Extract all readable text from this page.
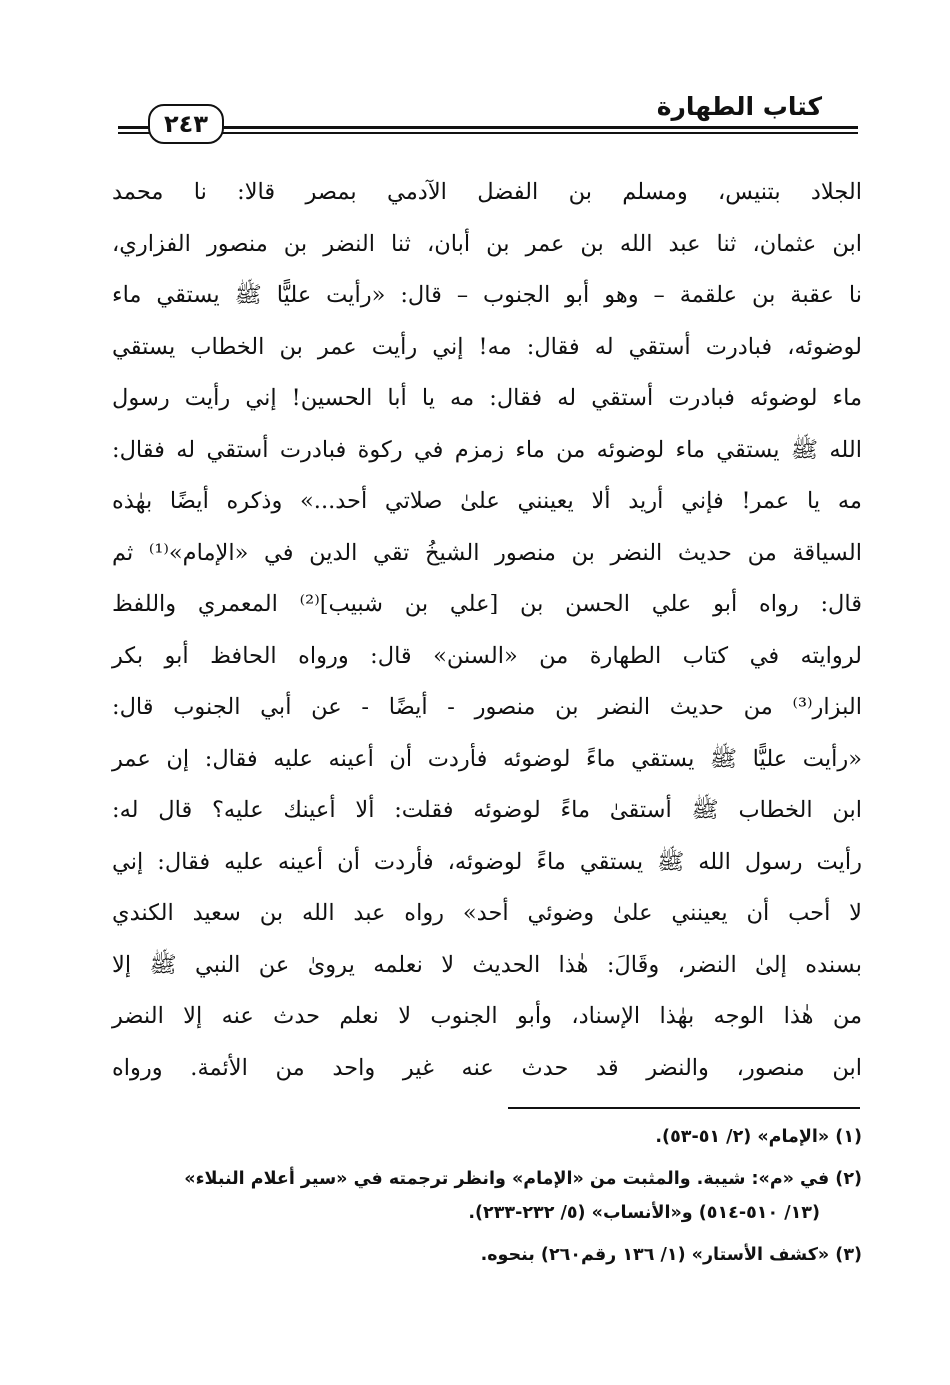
كتاب الطهارة
٢٤٣
الجلاد بتنيس، ومسلم بن الفضل الآدمي بمصر قالا: نا محمد
ابن عثمان، ثنا عبد الله بن عمر بن أبان، ثنا النضر بن منصور الفزاري،
نا عقبة بن علقمة – وهو أبو الجنوب – قال: «رأيت عليًّا ﷺ يستقي ماء
لوضوئه، فبادرت أستقي له فقال: مه! إني رأيت عمر بن الخطاب يستقي
ماء لوضوئه فبادرت أستقي له فقال: مه يا أبا الحسين! إني رأيت رسول
الله ﷺ يستقي ماء لوضوئه من ماء زمزم في ركوة فبادرت أستقي له فقال:
مه يا عمر! فإني أريد ألا يعينني علىٰ صلاتي أحد...» وذكره أيضًا بهٰذه
السياقة من حديث النضر بن منصور الشيخُ تقي الدين في «الإمام»⁽¹⁾ ثم
قال: رواه أبو علي الحسن بن [علي بن شبيب]⁽²⁾ المعمري واللفظ
لروايته في كتاب الطهارة من «السنن» قال: ورواه الحافظ أبو بكر
البزار⁽³⁾ من حديث النضر بن منصور - أيضًا - عن أبي الجنوب قال:
«رأيت عليًّا ﷺ يستقي ماءً لوضوئه فأردت أن أعينه عليه فقال: إن عمر
ابن الخطاب ﷺ أستقىٰ ماءً لوضوئه فقلت: ألا أعينك عليه؟ قال له:
رأيت رسول الله ﷺ يستقي ماءً لوضوئه، فأردت أن أعينه عليه فقال: إني
لا أحب أن يعينني علىٰ وضوئي أحد» رواه عبد الله بن سعيد الكندي
بسنده إلىٰ النضر، وقَالَ: هٰذا الحديث لا نعلمه يروىٰ عن النبي ﷺ إلا
من هٰذا الوجه بهٰذا الإسناد، وأبو الجنوب لا نعلم حدث عنه إلا النضر
ابن منصور، والنضر قد حدث عنه غير واحد من الأئمة. ورواه
(١) «الإمام» (٢/ ٥١-٥٣).
(٢) في «م»: شيبة. والمثبت من «الإمام» وانظر ترجمته في «سير أعلام النبلاء»
(١٣/ ٥١٠-٥١٤) و«الأنساب» (٥/ ٢٣٢-٢٣٣).
(٣) «كشف الأستار» (١/ ١٣٦ رقم٢٦٠) بنحوه.
